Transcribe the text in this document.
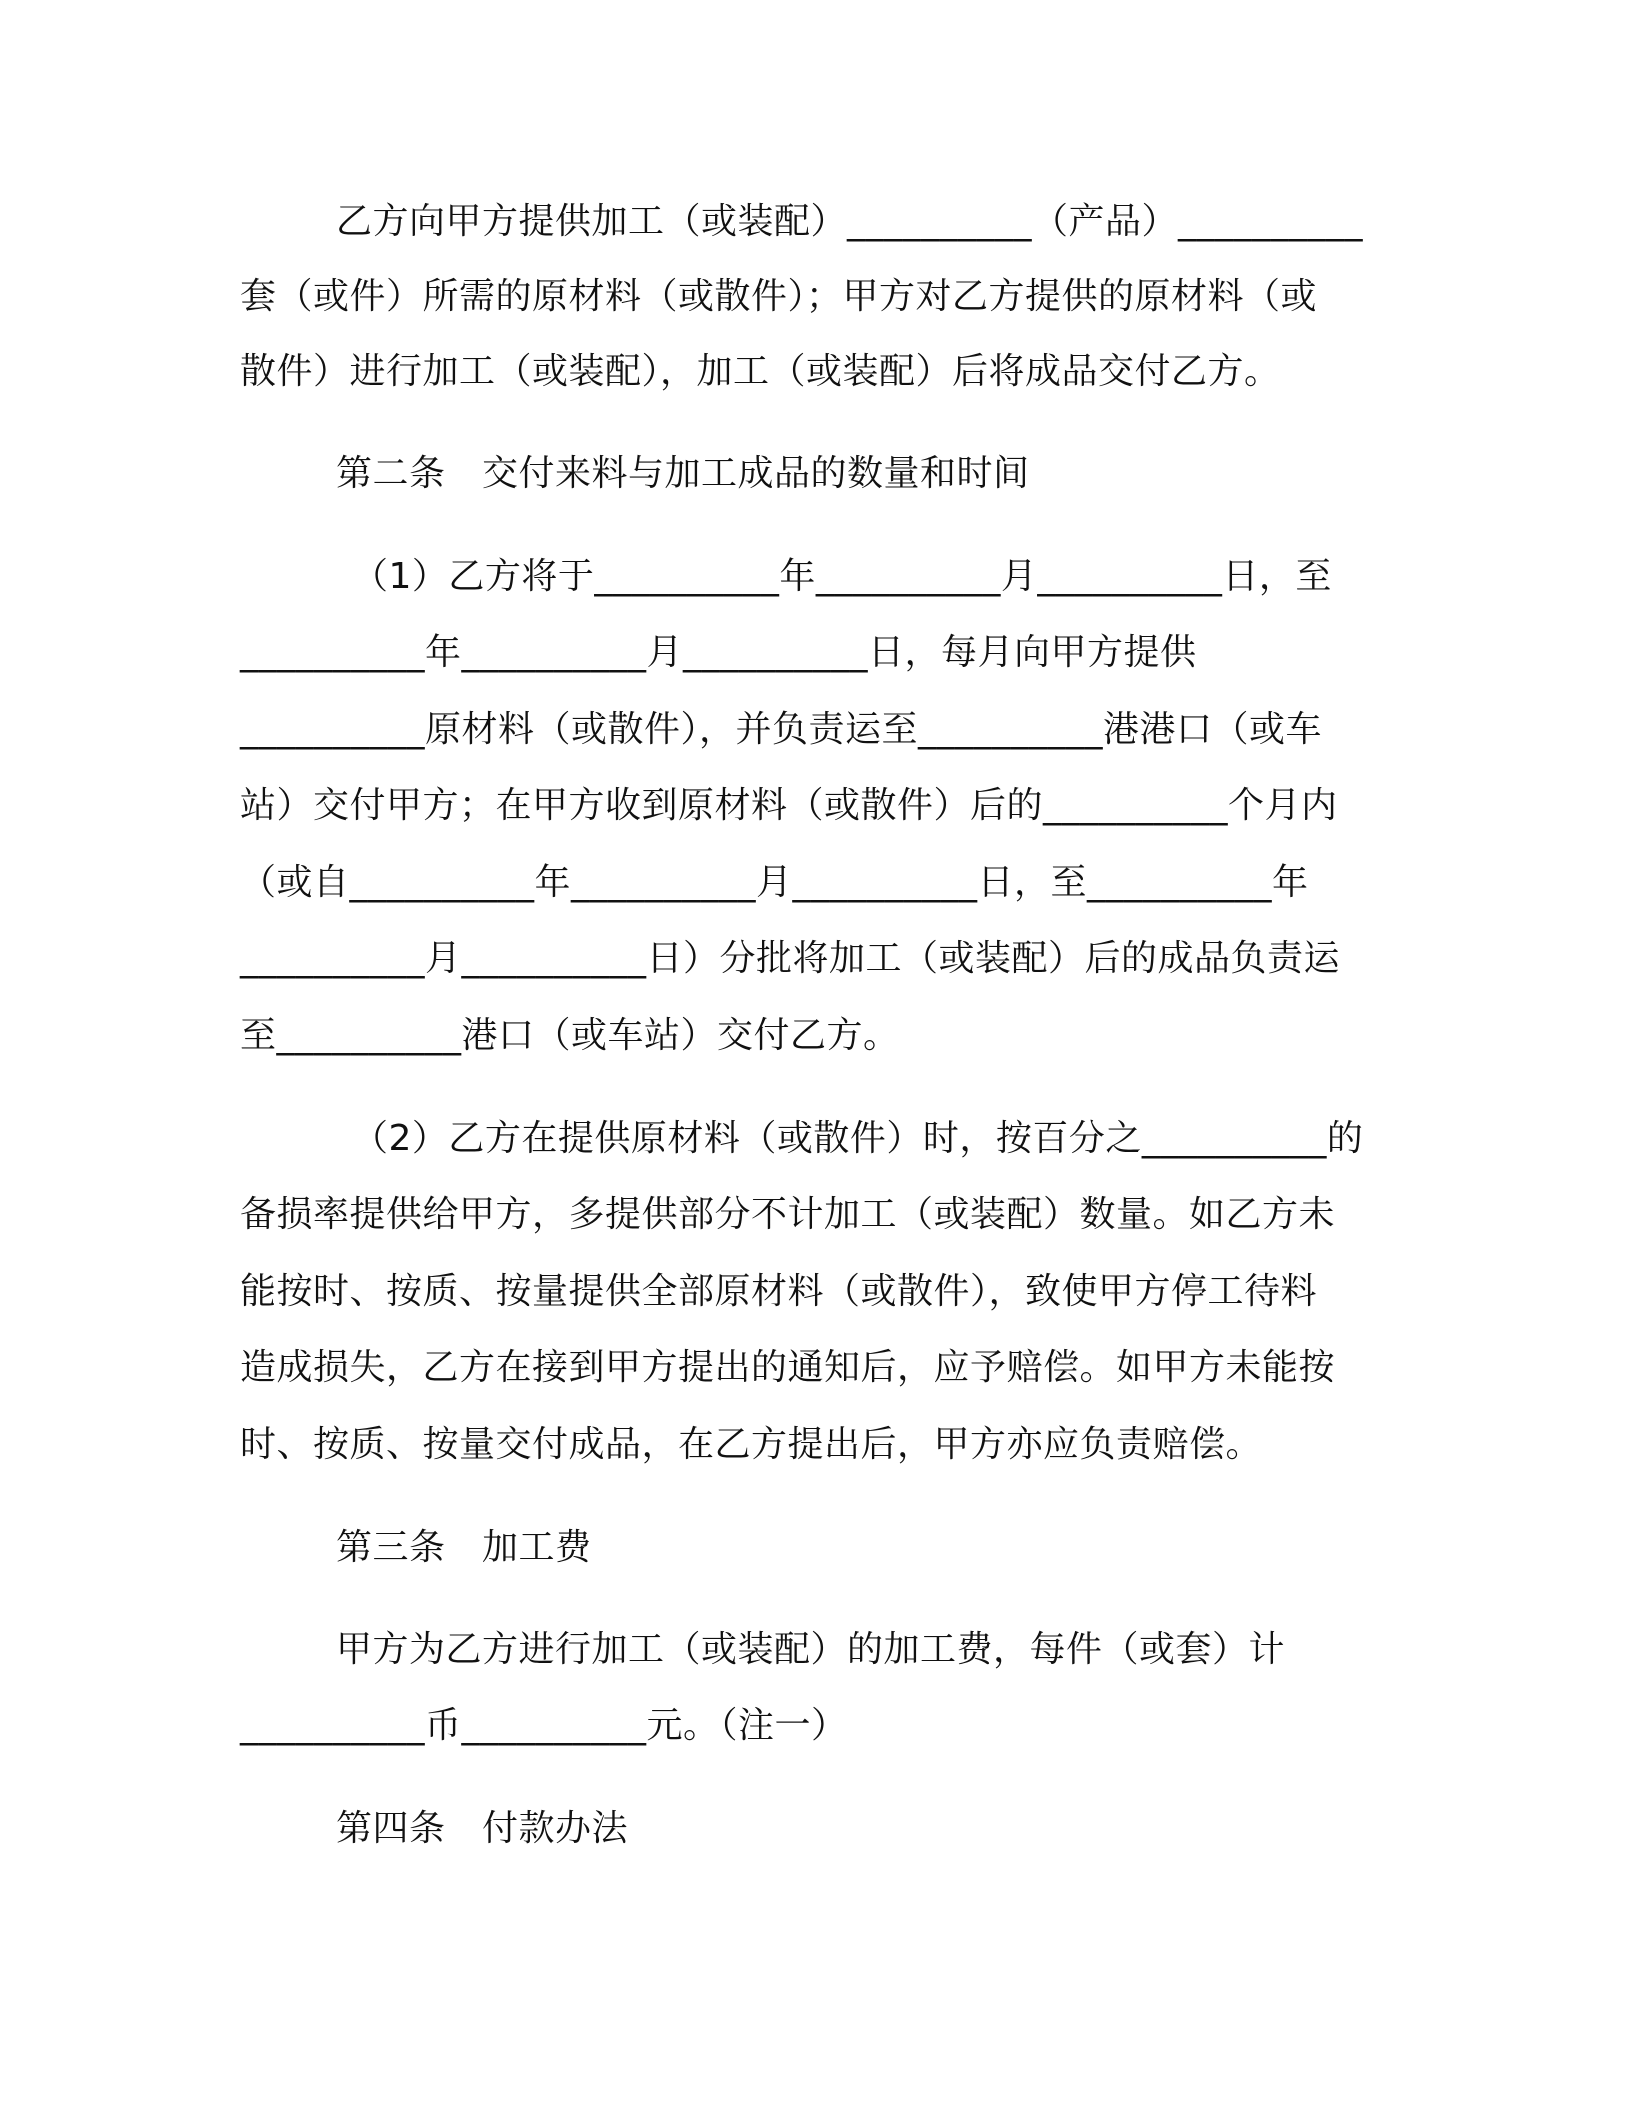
乙方向甲方提供加工（或装配）__________（产品）__________
套（或件）所需的原材料（或散件）；甲方对乙方提供的原材料（或
散件）进行加工（或装配），加工（或装配）后将成品交付乙方。
第二条　交付来料与加工成品的数量和时间
（1）乙方将于__________年__________月__________日，至
__________年__________月__________日，每月向甲方提供
__________原材料（或散件），并负责运至__________港港口（或车
站）交付甲方；在甲方收到原材料（或散件）后的__________个月内
（或自__________年__________月__________日，至__________年
__________月__________日）分批将加工（或装配）后的成品负责运
至__________港口（或车站）交付乙方。
（2）乙方在提供原材料（或散件）时，按百分之__________的
备损率提供给甲方，多提供部分不计加工（或装配）数量。如乙方未
能按时、按质、按量提供全部原材料（或散件），致使甲方停工待料
造成损失，乙方在接到甲方提出的通知后，应予赔偿。如甲方未能按
时、按质、按量交付成品，在乙方提出后，甲方亦应负责赔偿。
第三条　加工费
甲方为乙方进行加工（或装配）的加工费，每件（或套）计
__________币__________元。（注一）
第四条　付款办法
